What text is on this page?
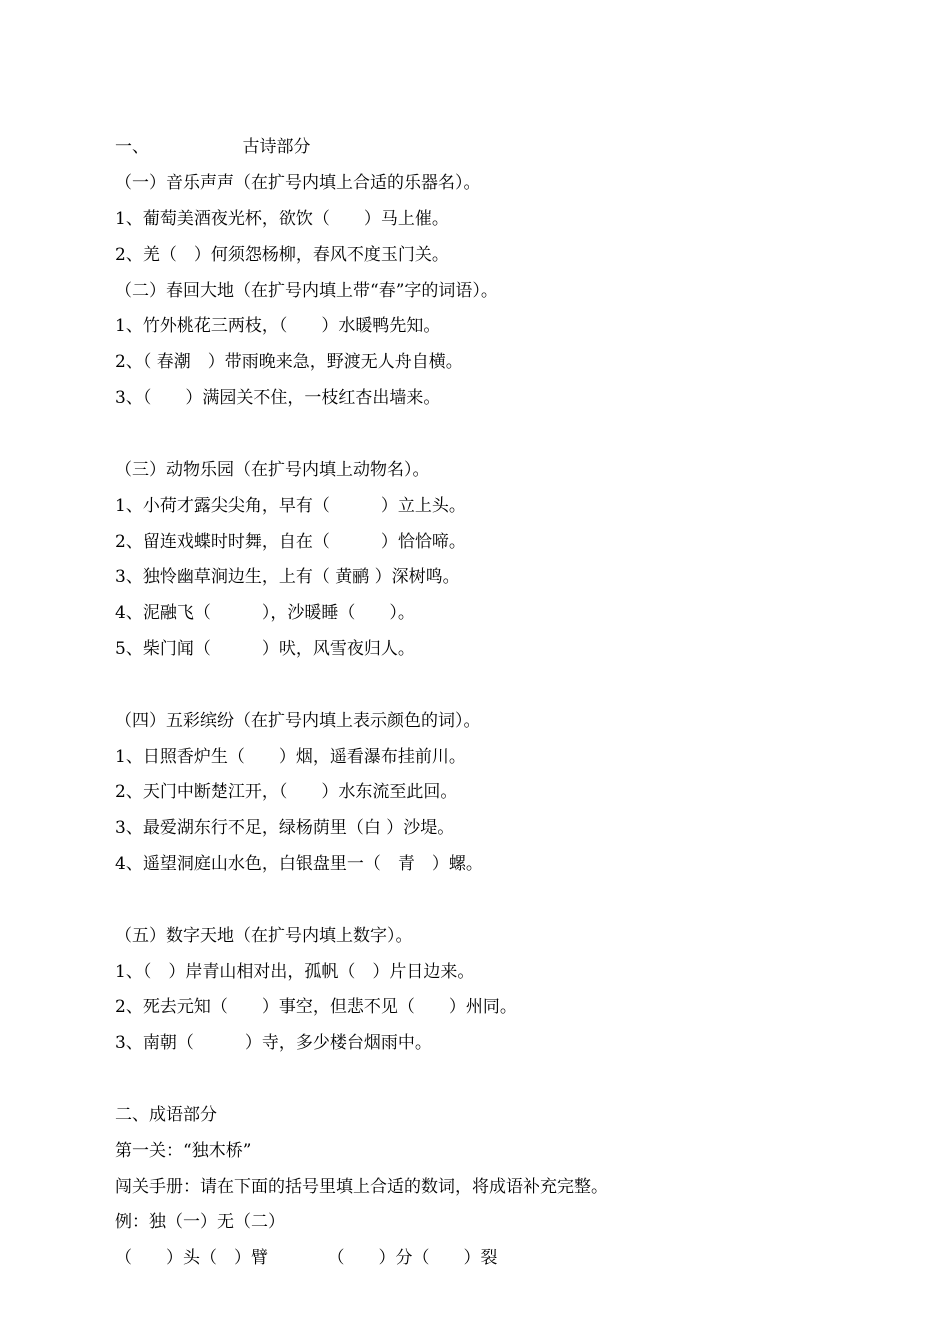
一、　　　　　　古诗部分
（一）音乐声声（在扩号内填上合适的乐器名）。
1、葡萄美酒夜光杯，欲饮（　　）马上催。
2、羌（　）何须怨杨柳，春风不度玉门关。
（二）春回大地（在扩号内填上带“春”字的词语）。
1、竹外桃花三两枝，（　　）水暖鸭先知。
2、（ 春潮　）带雨晚来急，野渡无人舟自横。
3、（　　）满园关不住，一枝红杏出墙来。
（三）动物乐园（在扩号内填上动物名）。
1、小荷才露尖尖角，早有（　　　）立上头。
2、留连戏蝶时时舞，自在（　　　）恰恰啼。
3、独怜幽草涧边生，上有（ 黄鹂 ）深树鸣。
4、泥融飞（　　　），沙暖睡（　　）。
5、柴门闻（　　　）吠，风雪夜归人。
（四）五彩缤纷（在扩号内填上表示颜色的词）。
1、日照香炉生（　　）烟，遥看瀑布挂前川。
2、天门中断楚江开，（　　）水东流至此回。
3、最爱湖东行不足，绿杨荫里（白 ）沙堤。
4、遥望洞庭山水色，白银盘里一（　青　）螺。
（五）数字天地（在扩号内填上数字）。
1、（　）岸青山相对出，孤帆（　）片日边来。
2、死去元知（　　）事空，但悲不见（　　）州同。
3、南朝（　　　）寺，多少楼台烟雨中。
二、成语部分
第一关：“独木桥”
闯关手册：请在下面的括号里填上合适的数词，将成语补充完整。
例：独（一）无（二）
（　　）头（　）臂　　　　（　　）分（　　）裂
